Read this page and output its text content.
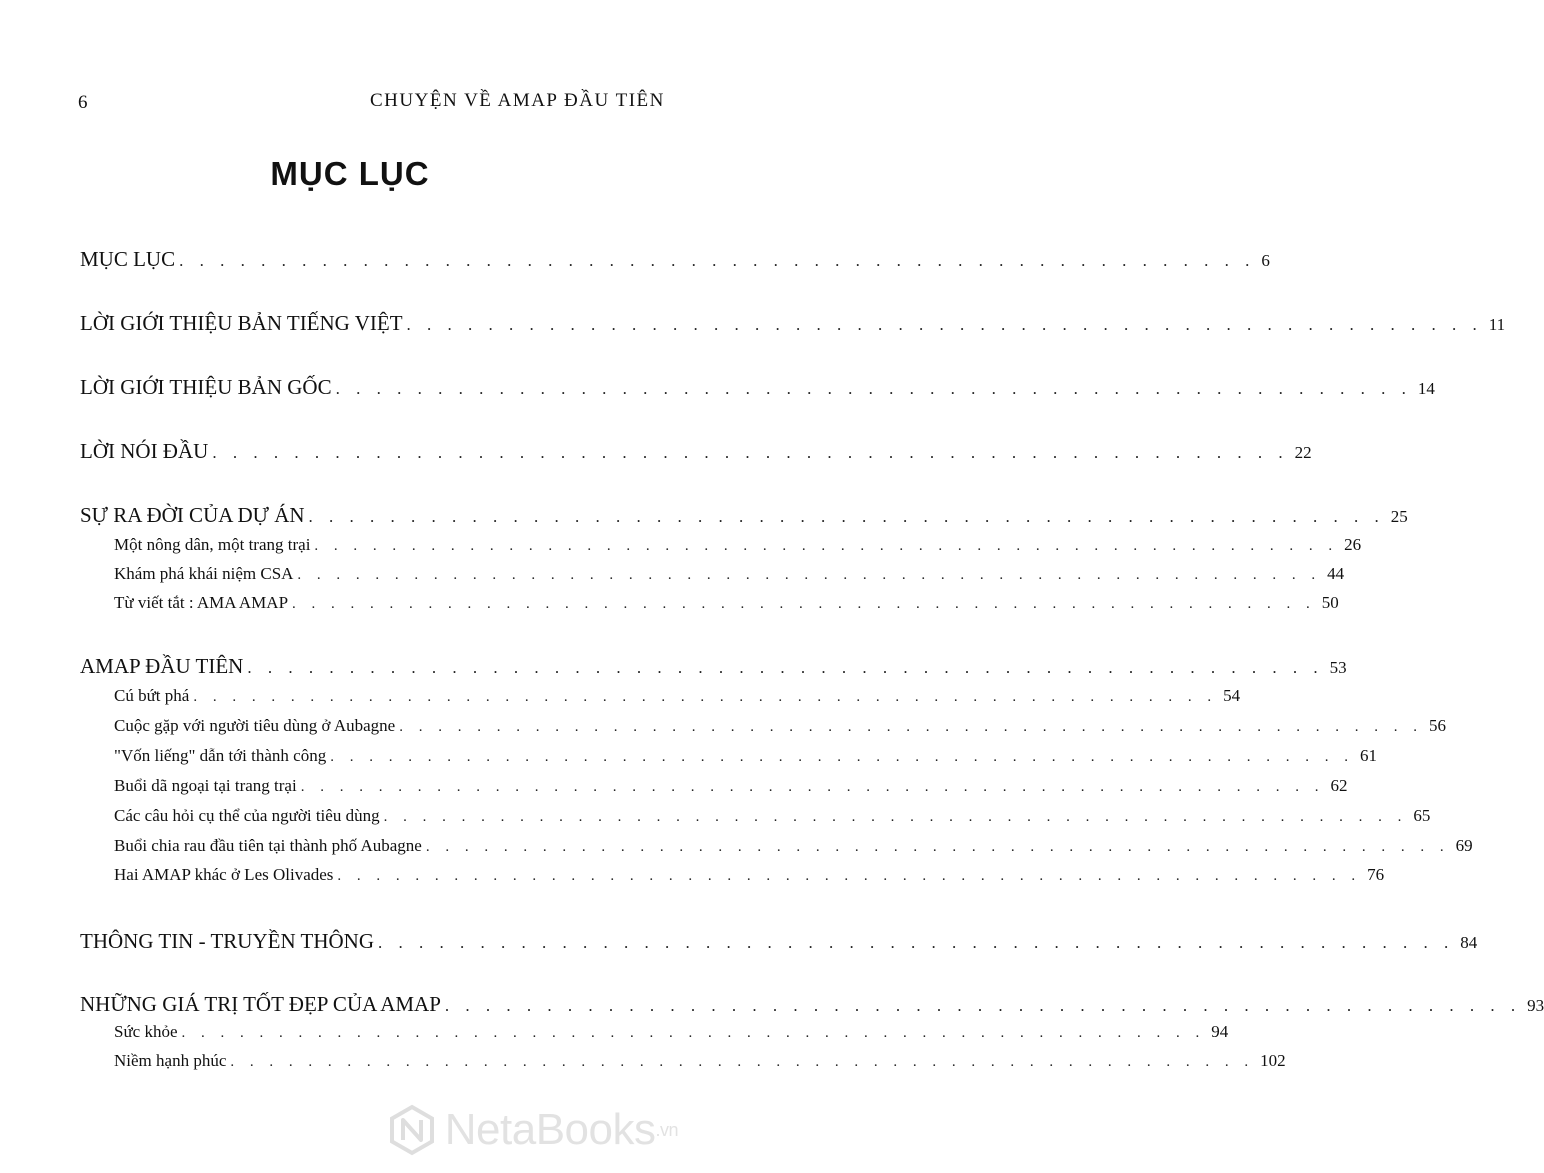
6	CHUYỆN VỀ AMAP ĐẦU TIÊN
MỤC LỤC
MỤC LỤC . . . . . . . . . . . . . . . . . . . . . . . . . . . . . . . . . . . . . . . . . . . . . . . . . . . . . 6
LỜI GIỚI THIỆU BẢN TIẾNG VIỆT . . . . . . . . . . . . . . . . . . . . . . . . . . . . . . . . . . . . . . . . . . . . . . . . . . . . . 11
LỜI GIỚI THIỆU BẢN GỐC . . . . . . . . . . . . . . . . . . . . . . . . . . . . . . . . . . . . . . . . . . . . . . . . . . . . . 14
LỜI NÓI ĐẦU . . . . . . . . . . . . . . . . . . . . . . . . . . . . . . . . . . . . . . . . . . . . . . . . . . . . . 22
SỰ RA ĐỜI CỦA DỰ ÁN . . . . . . . . . . . . . . . . . . . . . . . . . . . . . . . . . . . . . . . . . . . . . . . . . . . . . 25
Một nông dân, một trang trại . . . . . . . . . . . . . . . . . . . . . . . . . . . . . . . . . . . . . . . . . . . . . . . . . . . . . 26
Khám phá khái niệm CSA . . . . . . . . . . . . . . . . . . . . . . . . . . . . . . . . . . . . . . . . . . . . . . . . . . . . . 44
Từ viết tắt : AMA AMAP . . . . . . . . . . . . . . . . . . . . . . . . . . . . . . . . . . . . . . . . . . . . . . . . . . . . . 50
AMAP ĐẦU TIÊN . . . . . . . . . . . . . . . . . . . . . . . . . . . . . . . . . . . . . . . . . . . . . . . . . . . . . 53
Cú bứt phá . . . . . . . . . . . . . . . . . . . . . . . . . . . . . . . . . . . . . . . . . . . . . . . . . . . . . 54
Cuộc gặp với người tiêu dùng ở Aubagne . . . . . . . . . . . . . . . . . . . . . . . . . . . . . . . . . . . . . . . . . . . . . . . . . . . . . 56
"Vốn liếng" dẫn tới thành công . . . . . . . . . . . . . . . . . . . . . . . . . . . . . . . . . . . . . . . . . . . . . . . . . . . . . 61
Buổi dã ngoại tại trang trại . . . . . . . . . . . . . . . . . . . . . . . . . . . . . . . . . . . . . . . . . . . . . . . . . . . . . 62
Các câu hỏi cụ thể của người tiêu dùng . . . . . . . . . . . . . . . . . . . . . . . . . . . . . . . . . . . . . . . . . . . . . . . . . . . . . 65
Buổi chia rau đầu tiên tại thành phố Aubagne . . . . . . . . . . . . . . . . . . . . . . . . . . . . . . . . . . . . . . . . . . . . . . . . . . . . . 69
Hai AMAP khác ở Les Olivades . . . . . . . . . . . . . . . . . . . . . . . . . . . . . . . . . . . . . . . . . . . . . . . . . . . . . 76
THÔNG TIN - TRUYỀN THÔNG . . . . . . . . . . . . . . . . . . . . . . . . . . . . . . . . . . . . . . . . . . . . . . . . . . . . . 84
NHỮNG GIÁ TRỊ TỐT ĐẸP CỦA AMAP . . . . . . . . . . . . . . . . . . . . . . . . . . . . . . . . . . . . . . . . . . . . . . . . . . . . . 93
Sức khỏe . . . . . . . . . . . . . . . . . . . . . . . . . . . . . . . . . . . . . . . . . . . . . . . . . . . . . 94
Niềm hạnh phúc . . . . . . . . . . . . . . . . . . . . . . . . . . . . . . . . . . . . . . . . . . . . . . . . . . . . . 102
NetaBooks .vn
